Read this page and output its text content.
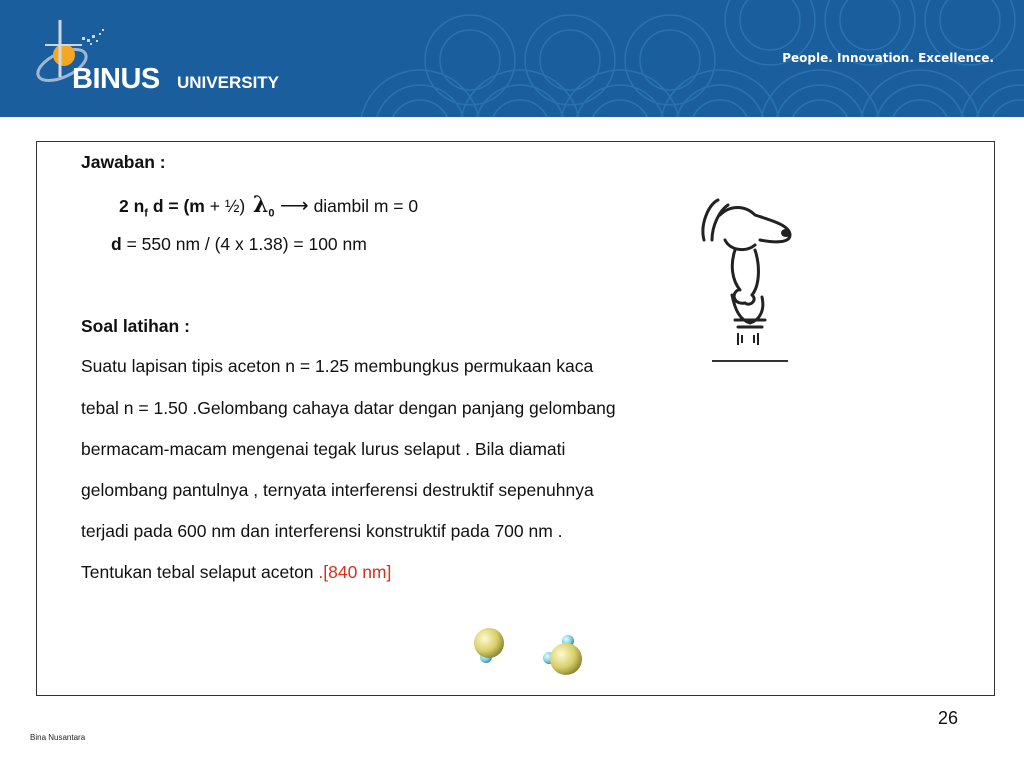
BINUS UNIVERSITY
People. Innovation. Excellence.
Jawaban :
2 $n_f$ d = (m + ½) $\lambda_0$ ⟶ diambil m = 0
d = 550 nm / (4 x 1.38) = 100 nm
Soal latihan :
Suatu lapisan tipis aceton n = 1.25 membungkus permukaan kaca
tebal n = 1.50 .Gelombang cahaya datar dengan panjang gelombang
bermacam-macam mengenai tegak lurus selaput . Bila diamati
gelombang pantulnya , ternyata interferensi destruktif sepenuhnya
terjadi pada 600 nm dan interferensi konstruktif pada 700 nm .
Tentukan tebal selaput aceton .[840 nm]
26
Bina Nusantara
